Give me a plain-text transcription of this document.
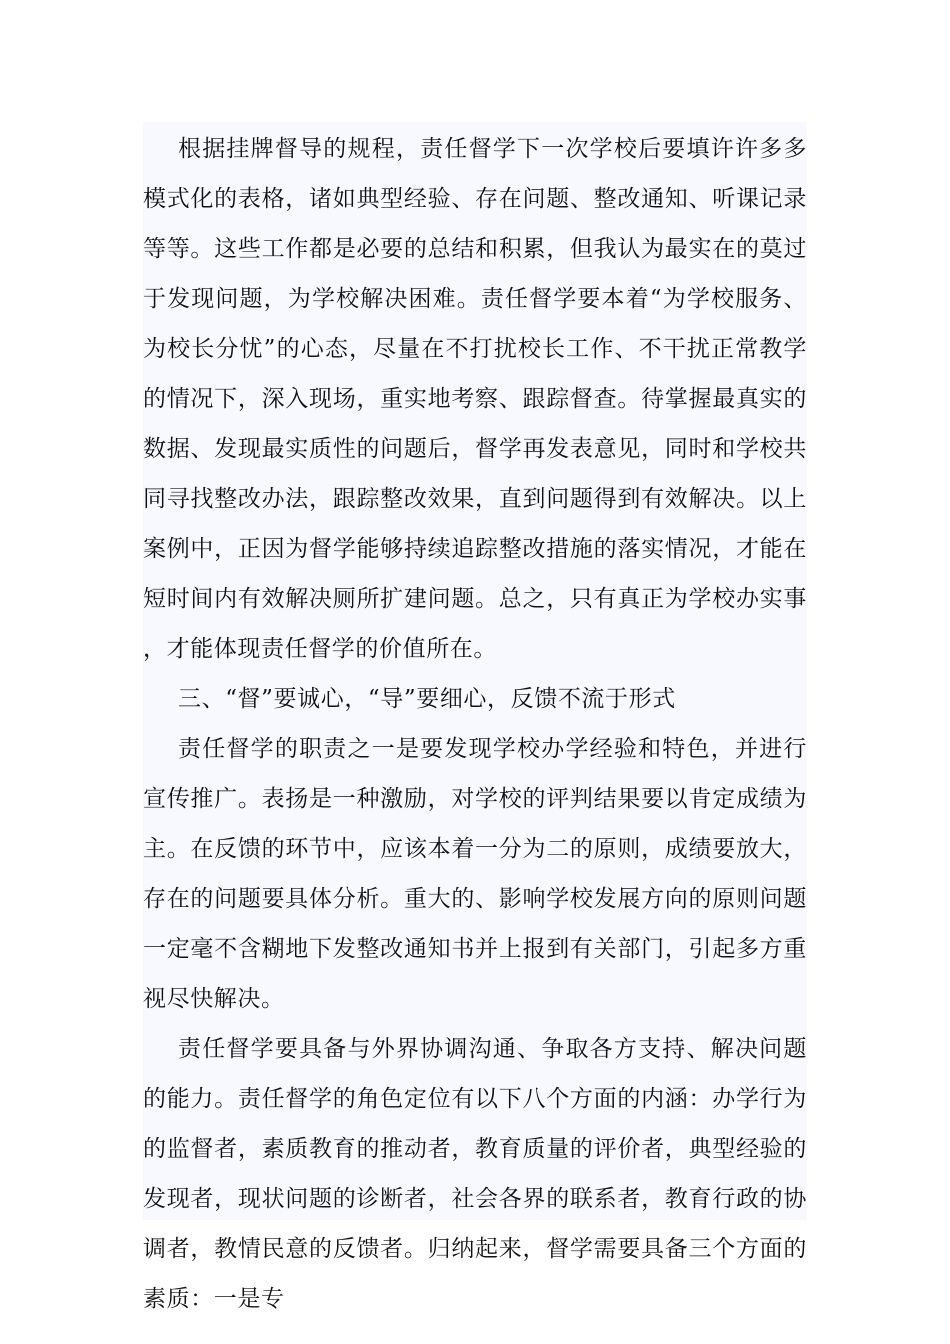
根据挂牌督导的规程，责任督学下一次学校后要填许许多多模式化的表格，诸如典型经验、存在问题、整改通知、听课记录等等。这些工作都是必要的总结和积累，但我认为最实在的莫过于发现问题，为学校解决困难。责任督学要本着“为学校服务、为校长分忧”的心态，尽量在不打扰校长工作、不干扰正常教学的情况下，深入现场，重实地考察、跟踪督查。待掌握最真实的数据、发现最实质性的问题后，督学再发表意见，同时和学校共同寻找整改办法，跟踪整改效果，直到问题得到有效解决。以上案例中，正因为督学能够持续追踪整改措施的落实情况，才能在短时间内有效解决厕所扩建问题。总之，只有真正为学校办实事，才能体现责任督学的价值所在。

三、“督”要诚心，“导”要细心，反馈不流于形式

责任督学的职责之一是要发现学校办学经验和特色，并进行宣传推广。表扬是一种激励，对学校的评判结果要以肯定成绩为主。在反馈的环节中，应该本着一分为二的原则，成绩要放大，存在的问题要具体分析。重大的、影响学校发展方向的原则问题一定毫不含糊地下发整改通知书并上报到有关部门，引起多方重视尽快解决。

责任督学要具备与外界协调沟通、争取各方支持、解决问题的能力。责任督学的角色定位有以下八个方面的内涵：办学行为的监督者，素质教育的推动者，教育质量的评价者，典型经验的发现者，现状问题的诊断者，社会各界的联系者，教育行政的协调者，教情民意的反馈者。归纳起来，督学需要具备三个方面的素质：一是专
